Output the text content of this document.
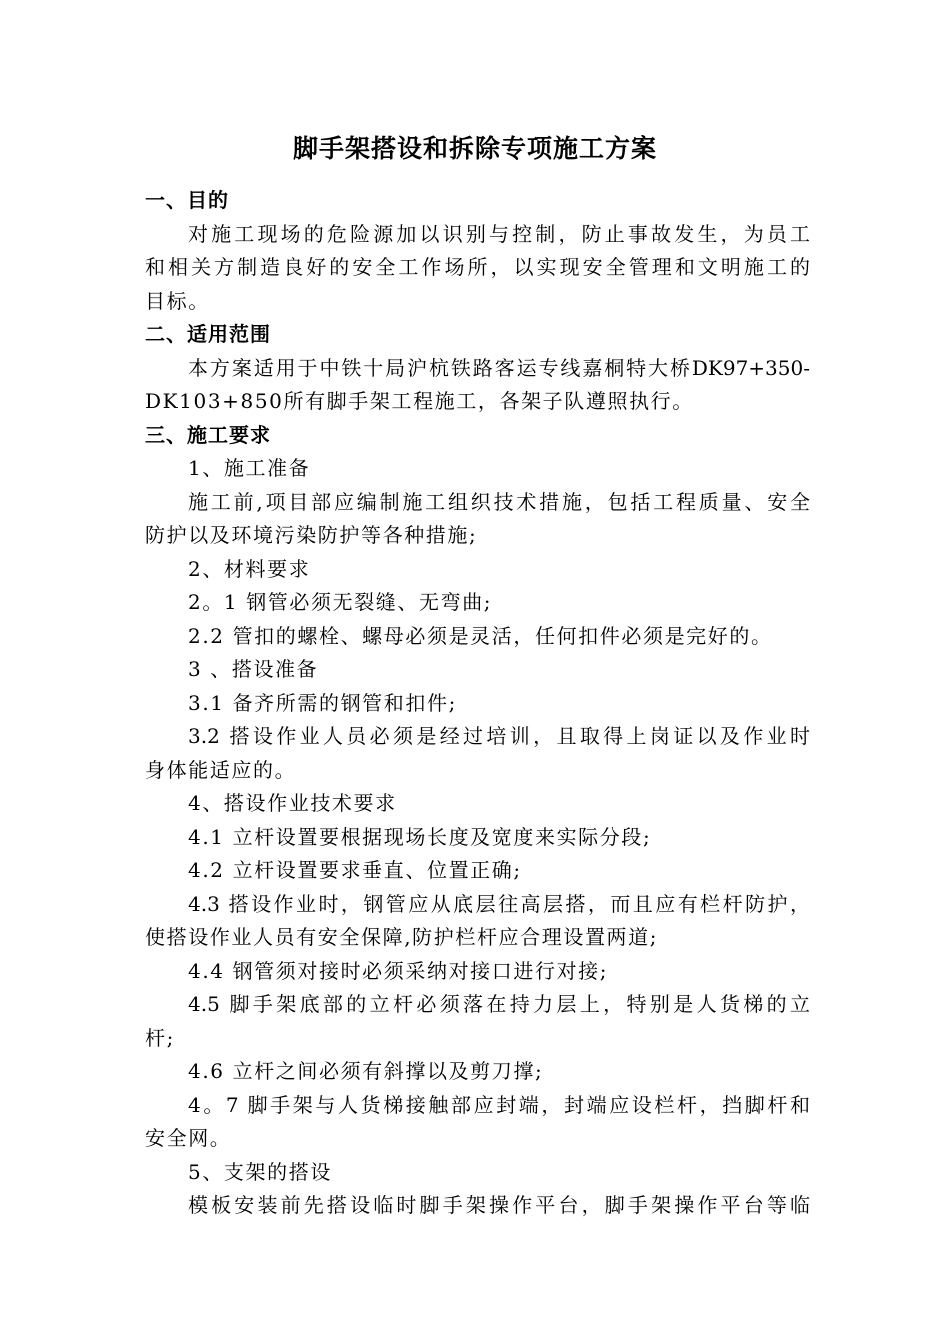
脚手架搭设和拆除专项施工方案
一、目的
对施工现场的危险源加以识别与控制，防止事故发生，为员工
和相关方制造良好的安全工作场所，以实现安全管理和文明施工的
目标。
二、适用范围
本方案适用于中铁十局沪杭铁路客运专线嘉桐特大桥DK97+350-
DK103+850所有脚手架工程施工，各架子队遵照执行。
三、施工要求
1、施工准备
施工前,项目部应编制施工组织技术措施，包括工程质量、安全
防护以及环境污染防护等各种措施;
2、材料要求
2。1 钢管必须无裂缝、无弯曲;
2.2 管扣的螺栓、螺母必须是灵活，任何扣件必须是完好的。
3 、搭设准备
3.1 备齐所需的钢管和扣件;
3.2 搭设作业人员必须是经过培训，且取得上岗证以及作业时
身体能适应的。
4、搭设作业技术要求
4.1 立杆设置要根据现场长度及宽度来实际分段;
4.2 立杆设置要求垂直、位置正确;
4.3 搭设作业时，钢管应从底层往高层搭，而且应有栏杆防护，
使搭设作业人员有安全保障,防护栏杆应合理设置两道;
4.4 钢管须对接时必须采纳对接口进行对接;
4.5 脚手架底部的立杆必须落在持力层上，特别是人货梯的立
杆;
4.6 立杆之间必须有斜撑以及剪刀撑;
4。7 脚手架与人货梯接触部应封端，封端应设栏杆，挡脚杆和
安全网。
5、支架的搭设
模板安装前先搭设临时脚手架操作平台，脚手架操作平台等临
